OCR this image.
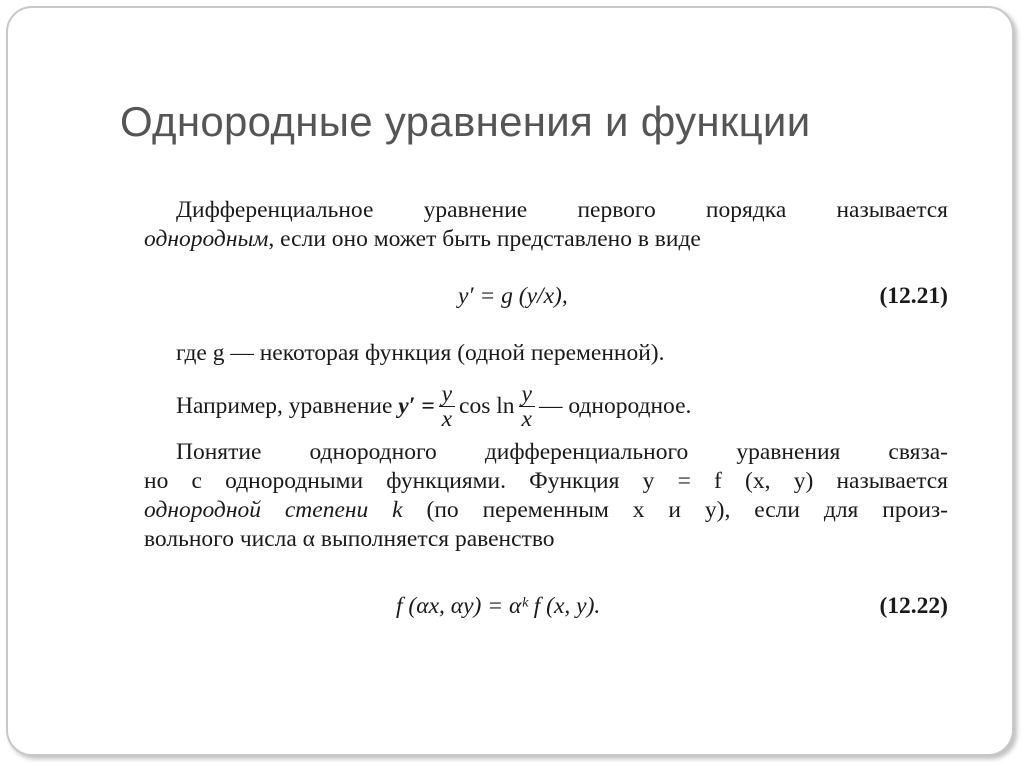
Однородные уравнения и функции
Дифференциальное уравнение первого порядка называется
однородным, если оно может быть представлено в виде
y′ = g (y/x),	(12.21)
где g — некоторая функция (одной переменной).
Например, уравнение
$y' = \frac{y}{x}$ $\cos \ln \frac{y}{x}$ — однородное.
Понятие однородного дифференциального уравнения связа-
но с однородными функциями. Функция y = f (x, y) называется
однородной степени k (по переменным x и y), если для произ-
вольного числа α выполняется равенство
f (αx, αy) = αᵏ f (x, y).	(12.22)
